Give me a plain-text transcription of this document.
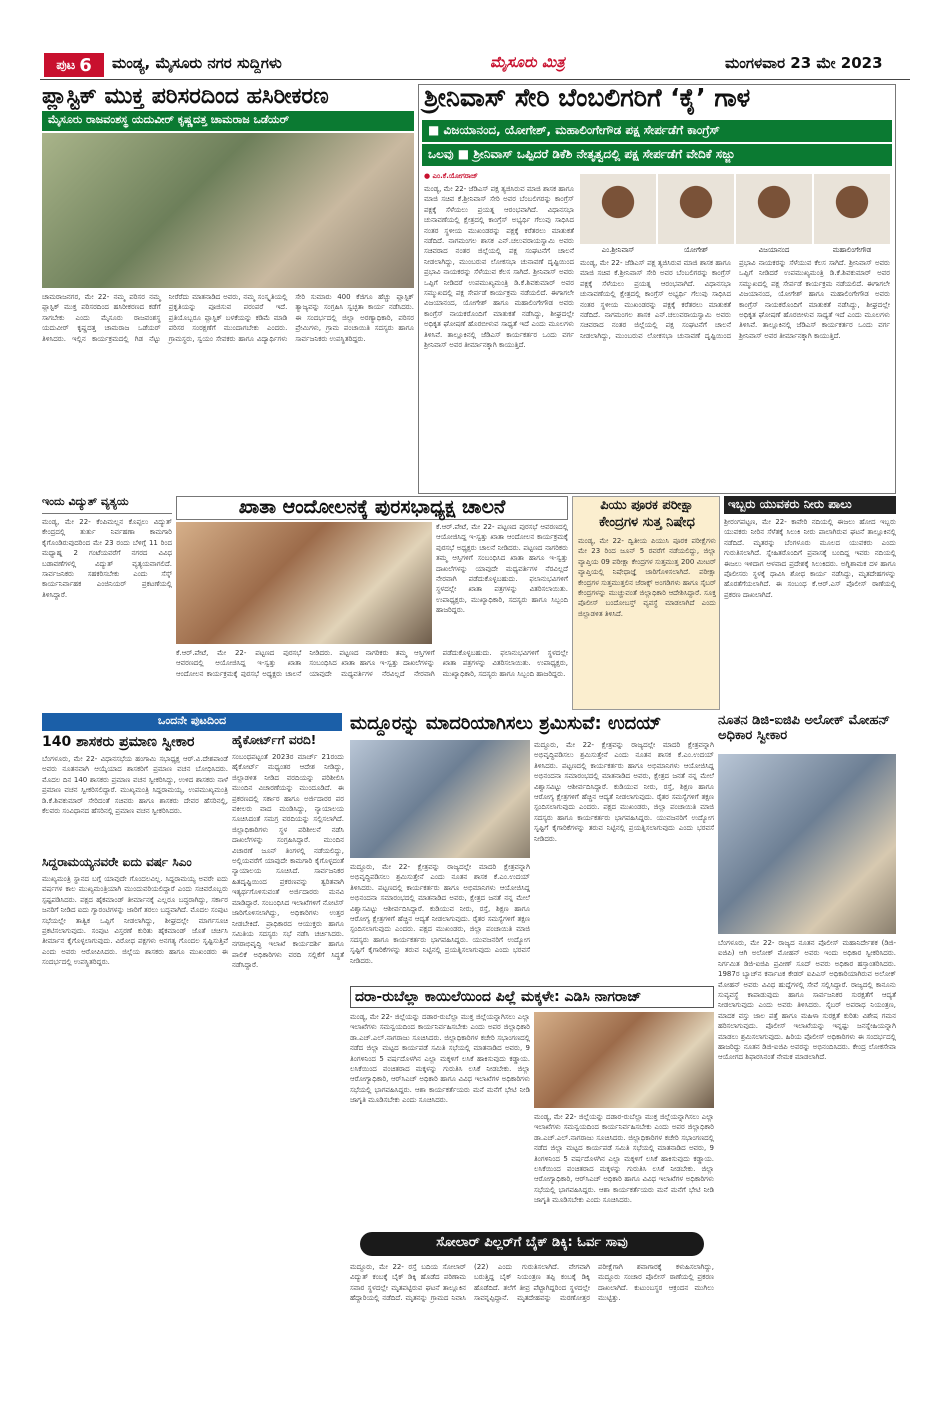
ಪುಟ 6 ಮಂಡ್ಯ, ಮೈಸೂರು ನಗರ ಸುದ್ದಿಗಳು	ಮೈಸೂರು ಮಿತ್ರ	ಮಂಗಳವಾರ 23 ಮೇ 2023
ಪ್ಲಾಸ್ಟಿಕ್ ಮುಕ್ತ ಪರಿಸರದಿಂದ ಹಸಿರೀಕರಣ
ಮೈಸೂರು ರಾಜವಂಶಸ್ಥ ಯದುವೀರ್ ಕೃಷ್ಣದತ್ತ ಚಾಮರಾಜ ಒಡೆಯರ್
ಚಾಮರಾಜನಗರ, ಮೇ 22- ನಮ್ಮ ಪರಿಸರ ನಮ್ಮ ಪ್ಲಾಸ್ಟಿಕ್ ಮುಕ್ತ ಪರಿಸರದಿಂದ ಹಸಿರೀಕರಣದ ಕಡೆಗೆ ಸಾಗಬೇಕು ಎಂದು ಮೈಸೂರು ರಾಜವಂಶಸ್ಥ ಯದುವೀರ್ ಕೃಷ್ಣದತ್ತ ಚಾಮರಾಜ ಒಡೆಯರ್ ತಿಳಿಸಿದರು. ಇಲ್ಲಿನ ಕಾರ್ಯಕ್ರಮದಲ್ಲಿ ಗಿಡ ನೆಟ್ಟು ನೀರೆರೆದು ಮಾತನಾಡಿದ ಅವರು, ನಮ್ಮ ಸಂಸ್ಕೃತಿಯಲ್ಲಿ ಪ್ರಕೃತಿಯನ್ನು ಪೂಜಿಸುವ ಪರಂಪರೆ ಇದೆ. ಪ್ರತಿಯೊಬ್ಬರೂ ಪ್ಲಾಸ್ಟಿಕ್ ಬಳಕೆಯನ್ನು ಕಡಿಮೆ ಮಾಡಿ ಪರಿಸರ ಸಂರಕ್ಷಣೆಗೆ ಮುಂದಾಗಬೇಕು ಎಂದರು. ಗ್ರಾಮಸ್ಥರು, ಸ್ವಯಂ ಸೇವಕರು ಹಾಗೂ ವಿದ್ಯಾರ್ಥಿಗಳು ಸೇರಿ ಸುಮಾರು 400 ಕೆಜಿಗೂ ಹೆಚ್ಚು ಪ್ಲಾಸ್ಟಿಕ್ ತ್ಯಾಜ್ಯವನ್ನು ಸಂಗ್ರಹಿಸಿ ಸ್ವಚ್ಛತಾ ಕಾರ್ಯ ನಡೆಸಿದರು. ಈ ಸಂದರ್ಭದಲ್ಲಿ ಜಿಲ್ಲಾ ಅರಣ್ಯಾಧಿಕಾರಿ, ಪರಿಸರ ಪ್ರೇಮಿಗಳು, ಗ್ರಾಮ ಪಂಚಾಯಿತಿ ಸದಸ್ಯರು ಹಾಗೂ ಸಾರ್ವಜನಿಕರು ಉಪಸ್ಥಿತರಿದ್ದರು.
ಶ್ರೀನಿವಾಸ್ ಸೇರಿ ಬೆಂಬಲಿಗರಿಗೆ ‘ಕೈ’ ಗಾಳ
■ ವಿಜಯಾನಂದ, ಯೋಗೇಶ್, ಮಹಾಲಿಂಗೇಗೌಡ ಪಕ್ಷ ಸೇರ್ಪಡೆಗೆ ಕಾಂಗ್ರೆಸ್
ಒಲವು ■ ಶ್ರೀನಿವಾಸ್ ಒಪ್ಪಿದರೆ ಡಿಕೆಶಿ ನೇತೃತ್ವದಲ್ಲಿ ಪಕ್ಷ ಸೇರ್ಪಡೆಗೆ ವೇದಿಕೆ ಸಜ್ಜು
● ಎಂ.ಕೆ.ಯೋಗರಾಜ್
ಮಂಡ್ಯ, ಮೇ 22- ಜೆಡಿಎಸ್ ಪಕ್ಷ ತ್ಯಜಿಸಿರುವ ಮಾಜಿ ಶಾಸಕ ಹಾಗೂ ಮಾಜಿ ಸಚಿವ ಕೆ.ಶ್ರೀನಿವಾಸ್ ಸೇರಿ ಅವರ ಬೆಂಬಲಿಗರನ್ನು ಕಾಂಗ್ರೆಸ್ ಪಕ್ಷಕ್ಕೆ ಸೆಳೆಯಲು ಪ್ರಯತ್ನ ಆರಂಭವಾಗಿದೆ. ವಿಧಾನಸಭಾ ಚುನಾವಣೆಯಲ್ಲಿ ಕ್ಷೇತ್ರದಲ್ಲಿ ಕಾಂಗ್ರೆಸ್ ಅಭ್ಯರ್ಥಿ ಗೆಲುವು ಸಾಧಿಸಿದ ನಂತರ ಸ್ಥಳೀಯ ಮುಖಂಡರನ್ನು ಪಕ್ಷಕ್ಕೆ ಕರೆತರಲು ಮಾತುಕತೆ ನಡೆದಿದೆ. ನಾಗಮಂಗಲ ಶಾಸಕ ಎನ್.ಚಲುವರಾಯಸ್ವಾಮಿ ಅವರು ಸಚಿವರಾದ ನಂತರ ಜಿಲ್ಲೆಯಲ್ಲಿ ಪಕ್ಷ ಸಂಘಟನೆಗೆ ಚಾಲನೆ ನೀಡಲಾಗಿದ್ದು, ಮುಂಬರುವ ಲೋಕಸಭಾ ಚುನಾವಣೆ ದೃಷ್ಟಿಯಿಂದ ಪ್ರಭಾವಿ ನಾಯಕರನ್ನು ಸೆಳೆಯುವ ಕೆಲಸ ಸಾಗಿದೆ. ಶ್ರೀನಿವಾಸ್ ಅವರು ಒಪ್ಪಿಗೆ ನೀಡಿದರೆ ಉಪಮುಖ್ಯಮಂತ್ರಿ ಡಿ.ಕೆ.ಶಿವಕುಮಾರ್ ಅವರ ಸಮ್ಮುಖದಲ್ಲಿ ಪಕ್ಷ ಸೇರ್ಪಡೆ ಕಾರ್ಯಕ್ರಮ ನಡೆಯಲಿದೆ. ಈಗಾಗಲೇ ವಿಜಯಾನಂದ, ಯೋಗೇಶ್ ಹಾಗೂ ಮಹಾಲಿಂಗೇಗೌಡ ಅವರು ಕಾಂಗ್ರೆಸ್ ನಾಯಕರೊಂದಿಗೆ ಮಾತುಕತೆ ನಡೆಸಿದ್ದು, ಶೀಘ್ರದಲ್ಲೇ ಅಧಿಕೃತ ಘೋಷಣೆ ಹೊರಬೀಳುವ ಸಾಧ್ಯತೆ ಇದೆ ಎಂದು ಮೂಲಗಳು ತಿಳಿಸಿವೆ. ತಾಲ್ಲೂಕಿನಲ್ಲಿ ಜೆಡಿಎಸ್ ಕಾರ್ಯಕರ್ತರ ಒಂದು ವರ್ಗ ಶ್ರೀನಿವಾಸ್ ಅವರ ತೀರ್ಮಾನಕ್ಕಾಗಿ ಕಾಯುತ್ತಿದೆ.
ಎಂ.ಶ್ರೀನಿವಾಸ್	ಯೋಗೇಶ್	ವಿಜಯಾನಂದ	ಮಹಾಲಿಂಗೇಗೌಡ
ಮಂಡ್ಯ, ಮೇ 22- ಜೆಡಿಎಸ್ ಪಕ್ಷ ತ್ಯಜಿಸಿರುವ ಮಾಜಿ ಶಾಸಕ ಹಾಗೂ ಮಾಜಿ ಸಚಿವ ಕೆ.ಶ್ರೀನಿವಾಸ್ ಸೇರಿ ಅವರ ಬೆಂಬಲಿಗರನ್ನು ಕಾಂಗ್ರೆಸ್ ಪಕ್ಷಕ್ಕೆ ಸೆಳೆಯಲು ಪ್ರಯತ್ನ ಆರಂಭವಾಗಿದೆ. ವಿಧಾನಸಭಾ ಚುನಾವಣೆಯಲ್ಲಿ ಕ್ಷೇತ್ರದಲ್ಲಿ ಕಾಂಗ್ರೆಸ್ ಅಭ್ಯರ್ಥಿ ಗೆಲುವು ಸಾಧಿಸಿದ ನಂತರ ಸ್ಥಳೀಯ ಮುಖಂಡರನ್ನು ಪಕ್ಷಕ್ಕೆ ಕರೆತರಲು ಮಾತುಕತೆ ನಡೆದಿದೆ. ನಾಗಮಂಗಲ ಶಾಸಕ ಎನ್.ಚಲುವರಾಯಸ್ವಾಮಿ ಅವರು ಸಚಿವರಾದ ನಂತರ ಜಿಲ್ಲೆಯಲ್ಲಿ ಪಕ್ಷ ಸಂಘಟನೆಗೆ ಚಾಲನೆ ನೀಡಲಾಗಿದ್ದು, ಮುಂಬರುವ ಲೋಕಸಭಾ ಚುನಾವಣೆ ದೃಷ್ಟಿಯಿಂದ ಪ್ರಭಾವಿ ನಾಯಕರನ್ನು ಸೆಳೆಯುವ ಕೆಲಸ ಸಾಗಿದೆ. ಶ್ರೀನಿವಾಸ್ ಅವರು ಒಪ್ಪಿಗೆ ನೀಡಿದರೆ ಉಪಮುಖ್ಯಮಂತ್ರಿ ಡಿ.ಕೆ.ಶಿವಕುಮಾರ್ ಅವರ ಸಮ್ಮುಖದಲ್ಲಿ ಪಕ್ಷ ಸೇರ್ಪಡೆ ಕಾರ್ಯಕ್ರಮ ನಡೆಯಲಿದೆ. ಈಗಾಗಲೇ ವಿಜಯಾನಂದ, ಯೋಗೇಶ್ ಹಾಗೂ ಮಹಾಲಿಂಗೇಗೌಡ ಅವರು ಕಾಂಗ್ರೆಸ್ ನಾಯಕರೊಂದಿಗೆ ಮಾತುಕತೆ ನಡೆಸಿದ್ದು, ಶೀಘ್ರದಲ್ಲೇ ಅಧಿಕೃತ ಘೋಷಣೆ ಹೊರಬೀಳುವ ಸಾಧ್ಯತೆ ಇದೆ ಎಂದು ಮೂಲಗಳು ತಿಳಿಸಿವೆ. ತಾಲ್ಲೂಕಿನಲ್ಲಿ ಜೆಡಿಎಸ್ ಕಾರ್ಯಕರ್ತರ ಒಂದು ವರ್ಗ ಶ್ರೀನಿವಾಸ್ ಅವರ ತೀರ್ಮಾನಕ್ಕಾಗಿ ಕಾಯುತ್ತಿದೆ.
ಇಂದು ವಿದ್ಯುತ್ ವ್ಯತ್ಯಯ
ಮಂಡ್ಯ, ಮೇ 22- ಕೆಂಪಿಮಲ್ಲನ ಕೊಪ್ಪಲು ವಿದ್ಯುತ್ ಕೇಂದ್ರದಲ್ಲಿ ತುರ್ತು ನಿರ್ವಹಣಾ ಕಾಮಗಾರಿ ಕೈಗೊಂಡಿರುವುದರಿಂದ ಮೇ 23 ರಂದು ಬೆಳಿಗ್ಗೆ 11 ರಿಂದ ಮಧ್ಯಾಹ್ನ 2 ಗಂಟೆಯವರೆಗೆ ನಗರದ ವಿವಿಧ ಬಡಾವಣೆಗಳಲ್ಲಿ ವಿದ್ಯುತ್ ವ್ಯತ್ಯಯವಾಗಲಿದೆ. ಸಾರ್ವಜನಿಕರು ಸಹಕರಿಸಬೇಕು ಎಂದು ಸೆಸ್ಕ್ ಕಾರ್ಯನಿರ್ವಾಹಕ ಎಂಜಿನಿಯರ್ ಪ್ರಕಟಣೆಯಲ್ಲಿ ತಿಳಿಸಿದ್ದಾರೆ.
ಖಾತಾ ಆಂದೋಲನಕ್ಕೆ ಪುರಸಭಾಧ್ಯಕ್ಷ ಚಾಲನೆ
ಕೆ.ಆರ್.ಪೇಟೆ, ಮೇ 22- ಪಟ್ಟಣದ ಪುರಸಭೆ ಆವರಣದಲ್ಲಿ ಆಯೋಜಿಸಿದ್ದ ಇ-ಸ್ವತ್ತು ಖಾತಾ ಆಂದೋಲನ ಕಾರ್ಯಕ್ರಮಕ್ಕೆ ಪುರಸಭೆ ಅಧ್ಯಕ್ಷರು ಚಾಲನೆ ನೀಡಿದರು. ಪಟ್ಟಣದ ನಾಗರಿಕರು ತಮ್ಮ ಆಸ್ತಿಗಳಿಗೆ ಸಂಬಂಧಿಸಿದ ಖಾತಾ ಹಾಗೂ ಇ-ಸ್ವತ್ತು ದಾಖಲೆಗಳನ್ನು ಯಾವುದೇ ಮಧ್ಯವರ್ತಿಗಳ ನೆರವಿಲ್ಲದೆ ನೇರವಾಗಿ ಪಡೆದುಕೊಳ್ಳಬಹುದು. ಫಲಾನುಭವಿಗಳಿಗೆ ಸ್ಥಳದಲ್ಲೇ ಖಾತಾ ಪತ್ರಗಳನ್ನು ವಿತರಿಸಲಾಯಿತು. ಉಪಾಧ್ಯಕ್ಷರು, ಮುಖ್ಯಾಧಿಕಾರಿ, ಸದಸ್ಯರು ಹಾಗೂ ಸಿಬ್ಬಂದಿ ಹಾಜರಿದ್ದರು.
ಕೆ.ಆರ್.ಪೇಟೆ, ಮೇ 22- ಪಟ್ಟಣದ ಪುರಸಭೆ ಆವರಣದಲ್ಲಿ ಆಯೋಜಿಸಿದ್ದ ಇ-ಸ್ವತ್ತು ಖಾತಾ ಆಂದೋಲನ ಕಾರ್ಯಕ್ರಮಕ್ಕೆ ಪುರಸಭೆ ಅಧ್ಯಕ್ಷರು ಚಾಲನೆ ನೀಡಿದರು. ಪಟ್ಟಣದ ನಾಗರಿಕರು ತಮ್ಮ ಆಸ್ತಿಗಳಿಗೆ ಸಂಬಂಧಿಸಿದ ಖಾತಾ ಹಾಗೂ ಇ-ಸ್ವತ್ತು ದಾಖಲೆಗಳನ್ನು ಯಾವುದೇ ಮಧ್ಯವರ್ತಿಗಳ ನೆರವಿಲ್ಲದೆ ನೇರವಾಗಿ ಪಡೆದುಕೊಳ್ಳಬಹುದು. ಫಲಾನುಭವಿಗಳಿಗೆ ಸ್ಥಳದಲ್ಲೇ ಖಾತಾ ಪತ್ರಗಳನ್ನು ವಿತರಿಸಲಾಯಿತು. ಉಪಾಧ್ಯಕ್ಷರು, ಮುಖ್ಯಾಧಿಕಾರಿ, ಸದಸ್ಯರು ಹಾಗೂ ಸಿಬ್ಬಂದಿ ಹಾಜರಿದ್ದರು.
ಪಿಯು ಪೂರಕ ಪರೀಕ್ಷಾ
ಕೇಂದ್ರಗಳ ಸುತ್ತ ನಿಷೇಧ
ಮಂಡ್ಯ, ಮೇ 22- ದ್ವಿತೀಯ ಪಿಯುಸಿ ಪೂರಕ ಪರೀಕ್ಷೆಗಳು ಮೇ 23 ರಿಂದ ಜೂನ್ 5 ರವರೆಗೆ ನಡೆಯಲಿದ್ದು, ಜಿಲ್ಲಾ ವ್ಯಾಪ್ತಿಯ 09 ಪರೀಕ್ಷಾ ಕೇಂದ್ರಗಳ ಸುತ್ತಮುತ್ತ 200 ಮೀಟರ್ ವ್ಯಾಪ್ತಿಯಲ್ಲಿ ನಿಷೇಧಾಜ್ಞೆ ಜಾರಿಗೊಳಿಸಲಾಗಿದೆ. ಪರೀಕ್ಷಾ ಕೇಂದ್ರಗಳ ಸುತ್ತಮುತ್ತಲಿನ ಜೆರಾಕ್ಸ್ ಅಂಗಡಿಗಳು ಹಾಗೂ ಸೈಬರ್ ಕೇಂದ್ರಗಳನ್ನು ಮುಚ್ಚುವಂತೆ ಜಿಲ್ಲಾಧಿಕಾರಿ ಆದೇಶಿಸಿದ್ದಾರೆ. ಸೂಕ್ತ ಪೊಲೀಸ್ ಬಂದೋಬಸ್ತ್ ವ್ಯವಸ್ಥೆ ಮಾಡಲಾಗಿದೆ ಎಂದು ಜಿಲ್ಲಾಡಳಿತ ತಿಳಿಸಿದೆ.
ಇಬ್ಬರು ಯುವಕರು ನೀರು ಪಾಲು
ಶ್ರೀರಂಗಪಟ್ಟಣ, ಮೇ 22- ಕಾವೇರಿ ನದಿಯಲ್ಲಿ ಈಜಲು ಹೋದ ಇಬ್ಬರು ಯುವಕರು ನೀರಿನ ಸೆಳೆತಕ್ಕೆ ಸಿಲುಕಿ ನೀರು ಪಾಲಾಗಿರುವ ಘಟನೆ ತಾಲ್ಲೂಕಿನಲ್ಲಿ ನಡೆದಿದೆ. ಮೃತರನ್ನು ಬೆಂಗಳೂರು ಮೂಲದ ಯುವಕರು ಎಂದು ಗುರುತಿಸಲಾಗಿದೆ. ಸ್ನೇಹಿತರೊಂದಿಗೆ ಪ್ರವಾಸಕ್ಕೆ ಬಂದಿದ್ದ ಇವರು ನದಿಯಲ್ಲಿ ಈಜಲು ಇಳಿದಾಗ ಆಳವಾದ ಪ್ರದೇಶಕ್ಕೆ ಸಿಲುಕಿದರು. ಅಗ್ನಿಶಾಮಕ ದಳ ಹಾಗೂ ಪೊಲೀಸರು ಸ್ಥಳಕ್ಕೆ ಧಾವಿಸಿ ಶೋಧ ಕಾರ್ಯ ನಡೆಸಿದ್ದು, ಮೃತದೇಹಗಳನ್ನು ಹೊರತೆಗೆಯಲಾಗಿದೆ. ಈ ಸಂಬಂಧ ಕೆ.ಆರ್.ಎಸ್ ಪೊಲೀಸ್ ಠಾಣೆಯಲ್ಲಿ ಪ್ರಕರಣ ದಾಖಲಾಗಿದೆ.
ಒಂದನೇ ಪುಟದಿಂದ
140 ಶಾಸಕರು ಪ್ರಮಾಣ ಸ್ವೀಕಾರ
ಬೆಂಗಳೂರು, ಮೇ 22- ವಿಧಾನಸಭೆಯ ಹಂಗಾಮಿ ಸಭಾಧ್ಯಕ್ಷ ಆರ್.ವಿ.ದೇಶಪಾಂಡೆ ಅವರು ನೂತನವಾಗಿ ಆಯ್ಕೆಯಾದ ಶಾಸಕರಿಗೆ ಪ್ರಮಾಣ ವಚನ ಬೋಧಿಸಿದರು. ಮೊದಲ ದಿನ 140 ಶಾಸಕರು ಪ್ರಮಾಣ ವಚನ ಸ್ವೀಕರಿಸಿದ್ದು, ಉಳಿದ ಶಾಸಕರು ನಾಳೆ ಪ್ರಮಾಣ ವಚನ ಸ್ವೀಕರಿಸಲಿದ್ದಾರೆ. ಮುಖ್ಯಮಂತ್ರಿ ಸಿದ್ದರಾಮಯ್ಯ, ಉಪಮುಖ್ಯಮಂತ್ರಿ ಡಿ.ಕೆ.ಶಿವಕುಮಾರ್ ಸೇರಿದಂತೆ ಸಚಿವರು ಹಾಗೂ ಶಾಸಕರು ದೇವರ ಹೆಸರಿನಲ್ಲಿ, ಕೆಲವರು ಸಂವಿಧಾನದ ಹೆಸರಿನಲ್ಲಿ ಪ್ರಮಾಣ ವಚನ ಸ್ವೀಕರಿಸಿದರು.
ಸಿದ್ದರಾಮಯ್ಯನವರೇ ಐದು ವರ್ಷ ಸಿಎಂ
ಮುಖ್ಯಮಂತ್ರಿ ಸ್ಥಾನದ ಬಗ್ಗೆ ಯಾವುದೇ ಗೊಂದಲವಿಲ್ಲ. ಸಿದ್ದರಾಮಯ್ಯ ಅವರೇ ಐದು ವರ್ಷಗಳ ಕಾಲ ಮುಖ್ಯಮಂತ್ರಿಯಾಗಿ ಮುಂದುವರಿಯಲಿದ್ದಾರೆ ಎಂದು ಸಚಿವರೊಬ್ಬರು ಸ್ಪಷ್ಟಪಡಿಸಿದರು. ಪಕ್ಷದ ಹೈಕಮಾಂಡ್ ತೀರ್ಮಾನಕ್ಕೆ ಎಲ್ಲರೂ ಬದ್ಧರಾಗಿದ್ದು, ಸರ್ಕಾರ ಜನರಿಗೆ ನೀಡಿದ ಐದು ಗ್ಯಾರಂಟಿಗಳನ್ನು ಜಾರಿಗೆ ತರಲು ಬದ್ಧವಾಗಿದೆ. ಮೊದಲ ಸಂಪುಟ ಸಭೆಯಲ್ಲೇ ತಾತ್ವಿಕ ಒಪ್ಪಿಗೆ ನೀಡಲಾಗಿದ್ದು, ಶೀಘ್ರದಲ್ಲೇ ಮಾರ್ಗಸೂಚಿ ಪ್ರಕಟಿಸಲಾಗುವುದು. ಸಂಪುಟ ವಿಸ್ತರಣೆ ಕುರಿತು ಹೈಕಮಾಂಡ್ ಜೊತೆ ಚರ್ಚಿಸಿ ತೀರ್ಮಾನ ಕೈಗೊಳ್ಳಲಾಗುವುದು. ವಿರೋಧ ಪಕ್ಷಗಳು ಅನಗತ್ಯ ಗೊಂದಲ ಸೃಷ್ಟಿಸುತ್ತಿವೆ ಎಂದು ಅವರು ಆರೋಪಿಸಿದರು. ಜಿಲ್ಲೆಯ ಶಾಸಕರು ಹಾಗೂ ಮುಖಂಡರು ಈ ಸಂದರ್ಭದಲ್ಲಿ ಉಪಸ್ಥಿತರಿದ್ದರು.
ಹೈಕೋರ್ಟ್‌ಗೆ ವರದಿ!
ಸಂಬಂಧಪಟ್ಟಂತೆ 2023ರ ಮಾರ್ಚ್ 21ರಂದು ಹೈಕೋರ್ಟ್ ಮಧ್ಯಂತರ ಆದೇಶ ನೀಡಿದ್ದು, ಜಿಲ್ಲಾಡಳಿತ ನೀಡಿದ ವರದಿಯನ್ನು ಪರಿಶೀಲಿಸಿ ಮುಂದಿನ ವಿಚಾರಣೆಯನ್ನು ಮುಂದೂಡಿದೆ. ಈ ಪ್ರಕರಣದಲ್ಲಿ ಸರ್ಕಾರ ಹಾಗೂ ಅರ್ಜಿದಾರರ ಪರ ವಕೀಲರು ವಾದ ಮಂಡಿಸಿದ್ದು, ನ್ಯಾಯಾಲಯ ಸೂಚಿಸಿದಂತೆ ಸಮಗ್ರ ವರದಿಯನ್ನು ಸಲ್ಲಿಸಲಾಗಿದೆ. ಜಿಲ್ಲಾಧಿಕಾರಿಗಳು ಸ್ಥಳ ಪರಿಶೀಲನೆ ನಡೆಸಿ ದಾಖಲೆಗಳನ್ನು ಸಂಗ್ರಹಿಸಿದ್ದಾರೆ. ಮುಂದಿನ ವಿಚಾರಣೆ ಜೂನ್ ತಿಂಗಳಲ್ಲಿ ನಡೆಯಲಿದ್ದು, ಅಲ್ಲಿಯವರೆಗೆ ಯಾವುದೇ ಕಾಮಗಾರಿ ಕೈಗೊಳ್ಳದಂತೆ ನ್ಯಾಯಾಲಯ ಸೂಚಿಸಿದೆ. ಸಾರ್ವಜನಿಕರ ಹಿತದೃಷ್ಟಿಯಿಂದ ಪ್ರಕರಣವನ್ನು ತ್ವರಿತವಾಗಿ ಇತ್ಯರ್ಥಗೊಳಿಸುವಂತೆ ಅರ್ಜಿದಾರರು ಮನವಿ ಮಾಡಿದ್ದಾರೆ. ಸಂಬಂಧಿಸಿದ ಇಲಾಖೆಗಳಿಗೆ ನೋಟಿಸ್ ಜಾರಿಗೊಳಿಸಲಾಗಿದ್ದು, ಅಧಿಕಾರಿಗಳು ಉತ್ತರ ನೀಡಬೇಕಿದೆ. ಪ್ರಾಧಿಕಾರದ ಆಯುಕ್ತರು ಹಾಗೂ ಸಮಿತಿಯ ಸದಸ್ಯರು ಸಭೆ ನಡೆಸಿ ಚರ್ಚಿಸಿದರು. ನಗರಾಭಿವೃದ್ಧಿ ಇಲಾಖೆ ಕಾರ್ಯದರ್ಶಿ ಹಾಗೂ ಪಾಲಿಕೆ ಅಧಿಕಾರಿಗಳು ವರದಿ ಸಲ್ಲಿಕೆಗೆ ಸಿದ್ಧತೆ ನಡೆಸಿದ್ದಾರೆ.
ಮದ್ದೂರನ್ನು ಮಾದರಿಯಾಗಿಸಲು ಶ್ರಮಿಸುವೆ: ಉದಯ್
ಮದ್ದೂರು, ಮೇ 22- ಕ್ಷೇತ್ರವನ್ನು ರಾಜ್ಯದಲ್ಲೇ ಮಾದರಿ ಕ್ಷೇತ್ರವನ್ನಾಗಿ ಅಭಿವೃದ್ಧಿಪಡಿಸಲು ಶ್ರಮಿಸುತ್ತೇನೆ ಎಂದು ನೂತನ ಶಾಸಕ ಕೆ.ಎಂ.ಉದಯ್ ತಿಳಿಸಿದರು. ಪಟ್ಟಣದಲ್ಲಿ ಕಾರ್ಯಕರ್ತರು ಹಾಗೂ ಅಭಿಮಾನಿಗಳು ಆಯೋಜಿಸಿದ್ದ ಅಭಿನಂದನಾ ಸಮಾರಂಭದಲ್ಲಿ ಮಾತನಾಡಿದ ಅವರು, ಕ್ಷೇತ್ರದ ಜನತೆ ನನ್ನ ಮೇಲೆ ವಿಶ್ವಾಸವಿಟ್ಟು ಆಶೀರ್ವದಿಸಿದ್ದಾರೆ. ಕುಡಿಯುವ ನೀರು, ರಸ್ತೆ, ಶಿಕ್ಷಣ ಹಾಗೂ ಆರೋಗ್ಯ ಕ್ಷೇತ್ರಗಳಿಗೆ ಹೆಚ್ಚಿನ ಆದ್ಯತೆ ನೀಡಲಾಗುವುದು. ರೈತರ ಸಮಸ್ಯೆಗಳಿಗೆ ತಕ್ಷಣ ಸ್ಪಂದಿಸಲಾಗುವುದು ಎಂದರು. ಪಕ್ಷದ ಮುಖಂಡರು, ಜಿಲ್ಲಾ ಪಂಚಾಯಿತಿ ಮಾಜಿ ಸದಸ್ಯರು ಹಾಗೂ ಕಾರ್ಯಕರ್ತರು ಭಾಗವಹಿಸಿದ್ದರು. ಯುವಜನರಿಗೆ ಉದ್ಯೋಗ ಸೃಷ್ಟಿಗೆ ಕೈಗಾರಿಕೆಗಳನ್ನು ತರುವ ನಿಟ್ಟಿನಲ್ಲಿ ಪ್ರಯತ್ನಿಸಲಾಗುವುದು ಎಂದು ಭರವಸೆ ನೀಡಿದರು.
ಮದ್ದೂರು, ಮೇ 22- ಕ್ಷೇತ್ರವನ್ನು ರಾಜ್ಯದಲ್ಲೇ ಮಾದರಿ ಕ್ಷೇತ್ರವನ್ನಾಗಿ ಅಭಿವೃದ್ಧಿಪಡಿಸಲು ಶ್ರಮಿಸುತ್ತೇನೆ ಎಂದು ನೂತನ ಶಾಸಕ ಕೆ.ಎಂ.ಉದಯ್ ತಿಳಿಸಿದರು. ಪಟ್ಟಣದಲ್ಲಿ ಕಾರ್ಯಕರ್ತರು ಹಾಗೂ ಅಭಿಮಾನಿಗಳು ಆಯೋಜಿಸಿದ್ದ ಅಭಿನಂದನಾ ಸಮಾರಂಭದಲ್ಲಿ ಮಾತನಾಡಿದ ಅವರು, ಕ್ಷೇತ್ರದ ಜನತೆ ನನ್ನ ಮೇಲೆ ವಿಶ್ವಾಸವಿಟ್ಟು ಆಶೀರ್ವದಿಸಿದ್ದಾರೆ. ಕುಡಿಯುವ ನೀರು, ರಸ್ತೆ, ಶಿಕ್ಷಣ ಹಾಗೂ ಆರೋಗ್ಯ ಕ್ಷೇತ್ರಗಳಿಗೆ ಹೆಚ್ಚಿನ ಆದ್ಯತೆ ನೀಡಲಾಗುವುದು. ರೈತರ ಸಮಸ್ಯೆಗಳಿಗೆ ತಕ್ಷಣ ಸ್ಪಂದಿಸಲಾಗುವುದು ಎಂದರು. ಪಕ್ಷದ ಮುಖಂಡರು, ಜಿಲ್ಲಾ ಪಂಚಾಯಿತಿ ಮಾಜಿ ಸದಸ್ಯರು ಹಾಗೂ ಕಾರ್ಯಕರ್ತರು ಭಾಗವಹಿಸಿದ್ದರು. ಯುವಜನರಿಗೆ ಉದ್ಯೋಗ ಸೃಷ್ಟಿಗೆ ಕೈಗಾರಿಕೆಗಳನ್ನು ತರುವ ನಿಟ್ಟಿನಲ್ಲಿ ಪ್ರಯತ್ನಿಸಲಾಗುವುದು ಎಂದು ಭರವಸೆ ನೀಡಿದರು.
ನೂತನ ಡಿಜಿ-ಐಜಿಪಿ ಅಲೋಕ್ ಮೋಹನ್ ಅಧಿಕಾರ ಸ್ವೀಕಾರ
ಬೆಂಗಳೂರು, ಮೇ 22- ರಾಜ್ಯದ ನೂತನ ಪೊಲೀಸ್ ಮಹಾನಿರ್ದೇಶಕ (ಡಿಜಿ-ಐಜಿಪಿ) ಆಗಿ ಅಲೋಕ್ ಮೋಹನ್ ಅವರು ಇಂದು ಅಧಿಕಾರ ಸ್ವೀಕರಿಸಿದರು. ನಿರ್ಗಮಿತ ಡಿಜಿ-ಐಜಿಪಿ ಪ್ರವೀಣ್ ಸೂದ್ ಅವರು ಅಧಿಕಾರ ಹಸ್ತಾಂತರಿಸಿದರು. 1987ರ ಬ್ಯಾಚ್‌ನ ಕರ್ನಾಟಕ ಕೇಡರ್ ಐಪಿಎಸ್ ಅಧಿಕಾರಿಯಾಗಿರುವ ಅಲೋಕ್ ಮೋಹನ್ ಅವರು ವಿವಿಧ ಹುದ್ದೆಗಳಲ್ಲಿ ಸೇವೆ ಸಲ್ಲಿಸಿದ್ದಾರೆ. ರಾಜ್ಯದಲ್ಲಿ ಕಾನೂನು ಸುವ್ಯವಸ್ಥೆ ಕಾಪಾಡುವುದು ಹಾಗೂ ಸಾರ್ವಜನಿಕರ ಸುರಕ್ಷತೆಗೆ ಆದ್ಯತೆ ನೀಡಲಾಗುವುದು ಎಂದು ಅವರು ತಿಳಿಸಿದರು. ಸೈಬರ್ ಅಪರಾಧ ನಿಯಂತ್ರಣ, ಮಾದಕ ವಸ್ತು ಜಾಲ ಪತ್ತೆ ಹಾಗೂ ಮಹಿಳಾ ಸುರಕ್ಷತೆ ಕುರಿತು ವಿಶೇಷ ಗಮನ ಹರಿಸಲಾಗುವುದು. ಪೊಲೀಸ್ ಇಲಾಖೆಯನ್ನು ಇನ್ನಷ್ಟು ಜನಸ್ನೇಹಿಯನ್ನಾಗಿ ಮಾಡಲು ಶ್ರಮಿಸಲಾಗುವುದು. ಹಿರಿಯ ಪೊಲೀಸ್ ಅಧಿಕಾರಿಗಳು ಈ ಸಂದರ್ಭದಲ್ಲಿ ಹಾಜರಿದ್ದು ನೂತನ ಡಿಜಿ-ಐಜಿಪಿ ಅವರನ್ನು ಅಭಿನಂದಿಸಿದರು. ಕೇಂದ್ರ ಲೋಕಸೇವಾ ಆಯೋಗದ ಶಿಫಾರಸಿನಂತೆ ನೇಮಕ ಮಾಡಲಾಗಿದೆ.
ದರಾ-ರುಬೆಲ್ಲಾ ಕಾಯಿಲೆಯಿಂದ ಪಿಲ್ಲೆ ಮಕ್ಕಳೇ: ಎಡಿಸಿ ನಾಗರಾಜ್
ಮಂಡ್ಯ, ಮೇ 22- ಜಿಲ್ಲೆಯನ್ನು ದಡಾರ-ರುಬೆಲ್ಲಾ ಮುಕ್ತ ಜಿಲ್ಲೆಯನ್ನಾಗಿಸಲು ಎಲ್ಲಾ ಇಲಾಖೆಗಳು ಸಮನ್ವಯದಿಂದ ಕಾರ್ಯನಿರ್ವಹಿಸಬೇಕು ಎಂದು ಅಪರ ಜಿಲ್ಲಾಧಿಕಾರಿ ಡಾ.ಎಚ್.ಎಲ್.ನಾಗರಾಜು ಸೂಚಿಸಿದರು. ಜಿಲ್ಲಾಧಿಕಾರಿಗಳ ಕಚೇರಿ ಸಭಾಂಗಣದಲ್ಲಿ ನಡೆದ ಜಿಲ್ಲಾ ಮಟ್ಟದ ಕಾರ್ಯಪಡೆ ಸಮಿತಿ ಸಭೆಯಲ್ಲಿ ಮಾತನಾಡಿದ ಅವರು, 9 ತಿಂಗಳಿನಿಂದ 5 ವರ್ಷದೊಳಗಿನ ಎಲ್ಲಾ ಮಕ್ಕಳಿಗೆ ಲಸಿಕೆ ಹಾಕಿಸುವುದು ಕಡ್ಡಾಯ. ಲಸಿಕೆಯಿಂದ ವಂಚಿತರಾದ ಮಕ್ಕಳನ್ನು ಗುರುತಿಸಿ ಲಸಿಕೆ ನೀಡಬೇಕು. ಜಿಲ್ಲಾ ಆರೋಗ್ಯಾಧಿಕಾರಿ, ಆರ್‌ಸಿಎಚ್ ಅಧಿಕಾರಿ ಹಾಗೂ ವಿವಿಧ ಇಲಾಖೆಗಳ ಅಧಿಕಾರಿಗಳು ಸಭೆಯಲ್ಲಿ ಭಾಗವಹಿಸಿದ್ದರು. ಆಶಾ ಕಾರ್ಯಕರ್ತೆಯರು ಮನೆ ಮನೆಗೆ ಭೇಟಿ ನೀಡಿ ಜಾಗೃತಿ ಮೂಡಿಸಬೇಕು ಎಂದು ಸೂಚಿಸಿದರು.
ಮಂಡ್ಯ, ಮೇ 22- ಜಿಲ್ಲೆಯನ್ನು ದಡಾರ-ರುಬೆಲ್ಲಾ ಮುಕ್ತ ಜಿಲ್ಲೆಯನ್ನಾಗಿಸಲು ಎಲ್ಲಾ ಇಲಾಖೆಗಳು ಸಮನ್ವಯದಿಂದ ಕಾರ್ಯನಿರ್ವಹಿಸಬೇಕು ಎಂದು ಅಪರ ಜಿಲ್ಲಾಧಿಕಾರಿ ಡಾ.ಎಚ್.ಎಲ್.ನಾಗರಾಜು ಸೂಚಿಸಿದರು. ಜಿಲ್ಲಾಧಿಕಾರಿಗಳ ಕಚೇರಿ ಸಭಾಂಗಣದಲ್ಲಿ ನಡೆದ ಜಿಲ್ಲಾ ಮಟ್ಟದ ಕಾರ್ಯಪಡೆ ಸಮಿತಿ ಸಭೆಯಲ್ಲಿ ಮಾತನಾಡಿದ ಅವರು, 9 ತಿಂಗಳಿನಿಂದ 5 ವರ್ಷದೊಳಗಿನ ಎಲ್ಲಾ ಮಕ್ಕಳಿಗೆ ಲಸಿಕೆ ಹಾಕಿಸುವುದು ಕಡ್ಡಾಯ. ಲಸಿಕೆಯಿಂದ ವಂಚಿತರಾದ ಮಕ್ಕಳನ್ನು ಗುರುತಿಸಿ ಲಸಿಕೆ ನೀಡಬೇಕು. ಜಿಲ್ಲಾ ಆರೋಗ್ಯಾಧಿಕಾರಿ, ಆರ್‌ಸಿಎಚ್ ಅಧಿಕಾರಿ ಹಾಗೂ ವಿವಿಧ ಇಲಾಖೆಗಳ ಅಧಿಕಾರಿಗಳು ಸಭೆಯಲ್ಲಿ ಭಾಗವಹಿಸಿದ್ದರು. ಆಶಾ ಕಾರ್ಯಕರ್ತೆಯರು ಮನೆ ಮನೆಗೆ ಭೇಟಿ ನೀಡಿ ಜಾಗೃತಿ ಮೂಡಿಸಬೇಕು ಎಂದು ಸೂಚಿಸಿದರು.
ಸೋಲಾರ್ ಪಿಲ್ಲರ್‌ಗೆ ಬೈಕ್ ಡಿಕ್ಕಿ: ಓರ್ವ ಸಾವು
ಮದ್ದೂರು, ಮೇ 22- ರಸ್ತೆ ಬದಿಯ ಸೋಲಾರ್ ವಿದ್ಯುತ್ ಕಂಬಕ್ಕೆ ಬೈಕ್ ಡಿಕ್ಕಿ ಹೊಡೆದ ಪರಿಣಾಮ ಸವಾರ ಸ್ಥಳದಲ್ಲೇ ಮೃತಪಟ್ಟಿರುವ ಘಟನೆ ತಾಲ್ಲೂಕಿನ ಹೆದ್ದಾರಿಯಲ್ಲಿ ನಡೆದಿದೆ. ಮೃತನನ್ನು ಗ್ರಾಮದ ನಿವಾಸಿ (22) ಎಂದು ಗುರುತಿಸಲಾಗಿದೆ. ವೇಗವಾಗಿ ಬರುತ್ತಿದ್ದ ಬೈಕ್ ನಿಯಂತ್ರಣ ತಪ್ಪಿ ಕಂಬಕ್ಕೆ ಡಿಕ್ಕಿ ಹೊಡೆದಿದೆ. ತಲೆಗೆ ತೀವ್ರ ಪೆಟ್ಟಾಗಿದ್ದರಿಂದ ಸ್ಥಳದಲ್ಲೇ ಸಾವನ್ನಪ್ಪಿದ್ದಾನೆ. ಮೃತದೇಹವನ್ನು ಮರಣೋತ್ತರ ಪರೀಕ್ಷೆಗಾಗಿ ಶವಾಗಾರಕ್ಕೆ ಕಳುಹಿಸಲಾಗಿದ್ದು, ಮದ್ದೂರು ಸಂಚಾರ ಪೊಲೀಸ್ ಠಾಣೆಯಲ್ಲಿ ಪ್ರಕರಣ ದಾಖಲಾಗಿದೆ. ಕುಟುಂಬಸ್ಥರ ಆಕ್ರಂದನ ಮುಗಿಲು ಮುಟ್ಟಿತ್ತು.
